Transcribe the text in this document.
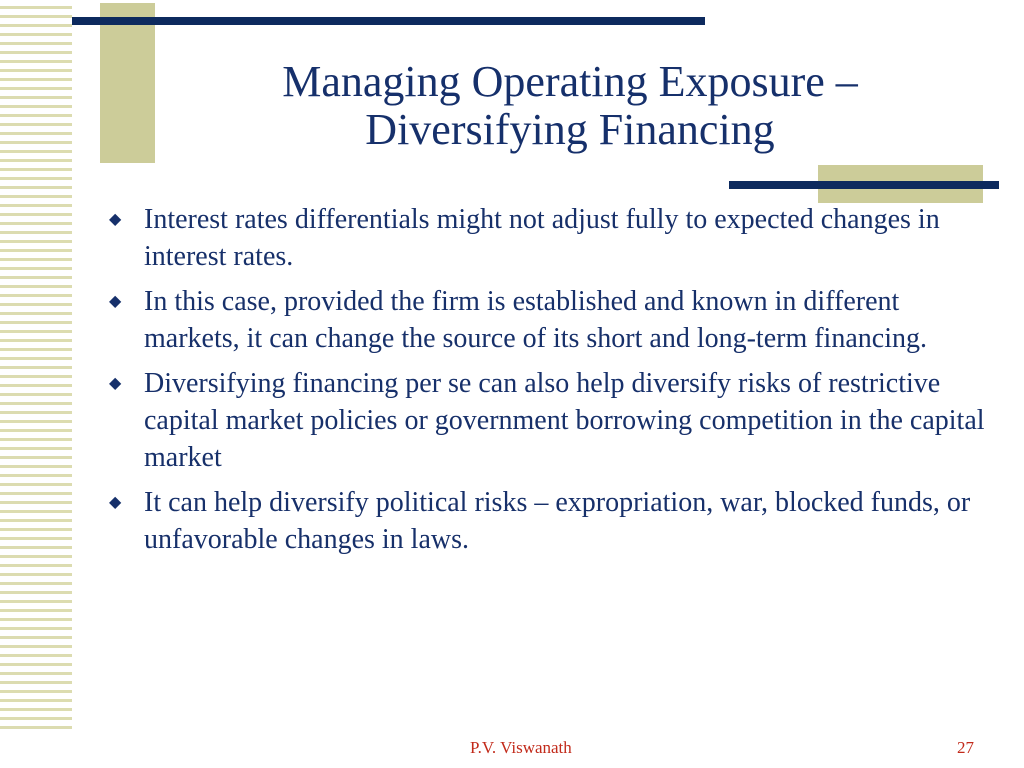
Managing Operating Exposure –
Diversifying Financing
◆ Interest rates differentials might not adjust fully to expected changes in interest rates.
◆ In this case, provided the firm is established and known in different markets, it can change the source of its short and long-term financing.
◆ Diversifying financing per se can also help diversify risks of restrictive capital market policies or government borrowing competition in the capital market
◆ It can help diversify political risks – expropriation, war, blocked funds, or unfavorable changes in laws.
P.V. Viswanath	27
